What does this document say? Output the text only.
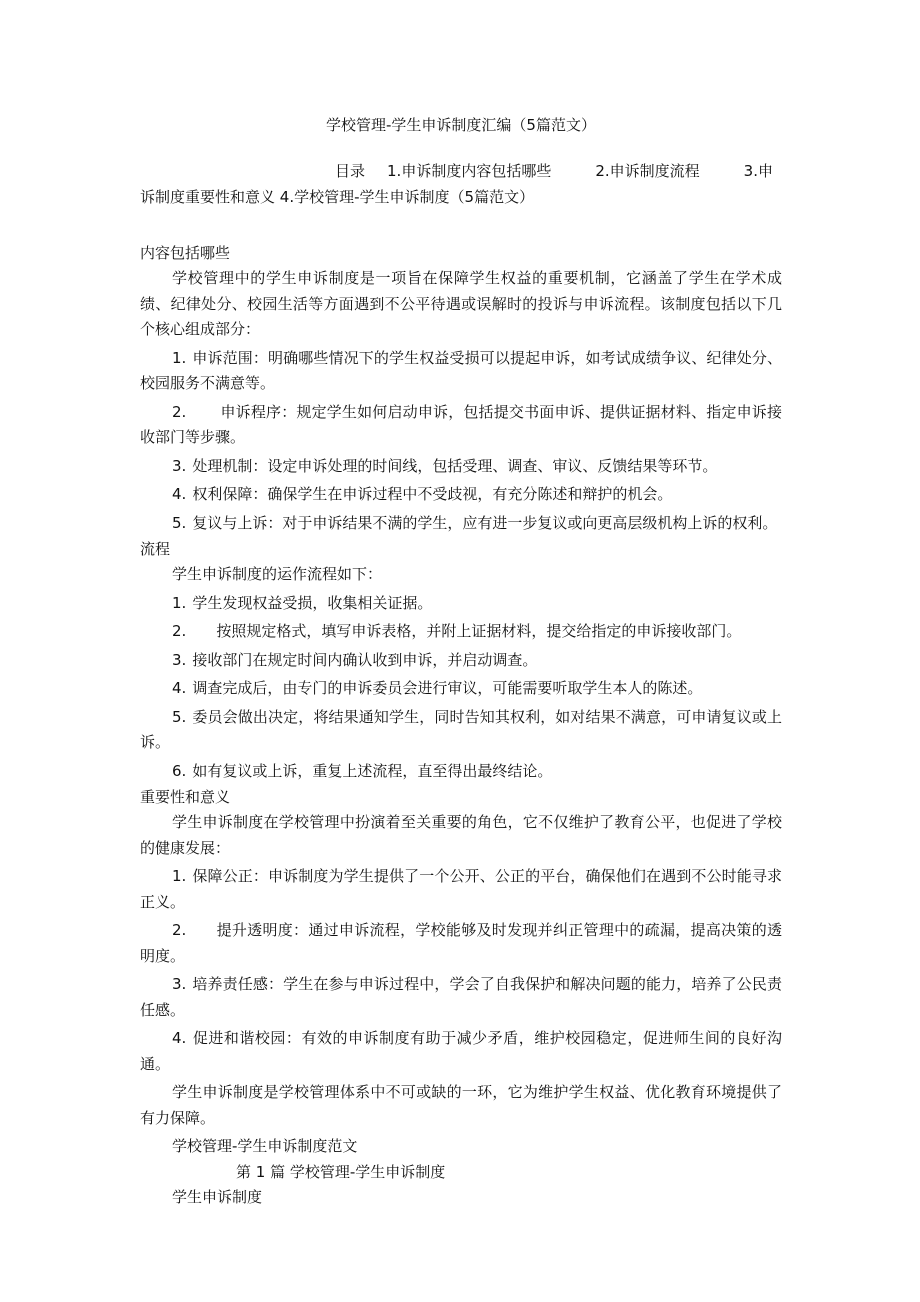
学校管理-学生申诉制度汇编（5篇范文）
目录 1.申诉制度内容包括哪些	2.申诉制度流程	3.申诉制度重要性和意义 4.学校管理-学生申诉制度（5篇范文）
内容包括哪些

学校管理中的学生申诉制度是一项旨在保障学生权益的重要机制，它涵盖了学生在学术成绩、纪律处分、校园生活等方面遇到不公平待遇或误解时的投诉与申诉流程。该制度包括以下几个核心组成部分：

1. 申诉范围：明确哪些情况下的学生权益受损可以提起申诉，如考试成绩争议、纪律处分、校园服务不满意等。
2. 申诉程序：规定学生如何启动申诉，包括提交书面申诉、提供证据材料、指定申诉接收部门等步骤。
3. 处理机制：设定申诉处理的时间线，包括受理、调查、审议、反馈结果等环节。
4. 权利保障：确保学生在申诉过程中不受歧视，有充分陈述和辩护的机会。
5. 复议与上诉：对于申诉结果不满的学生，应有进一步复议或向更高层级机构上诉的权利。
流程

学生申诉制度的运作流程如下：

1. 学生发现权益受损，收集相关证据。
2. 按照规定格式，填写申诉表格，并附上证据材料，提交给指定的申诉接收部门。
3. 接收部门在规定时间内确认收到申诉，并启动调查。
4. 调查完成后，由专门的申诉委员会进行审议，可能需要听取学生本人的陈述。
5. 委员会做出决定，将结果通知学生，同时告知其权利，如对结果不满意，可申请复议或上诉。
6. 如有复议或上诉，重复上述流程，直至得出最终结论。
重要性和意义

学生申诉制度在学校管理中扮演着至关重要的角色，它不仅维护了教育公平，也促进了学校的健康发展：

1. 保障公正：申诉制度为学生提供了一个公开、公正的平台，确保他们在遇到不公时能寻求正义。
2. 提升透明度：通过申诉流程，学校能够及时发现并纠正管理中的疏漏，提高决策的透明度。
3. 培养责任感：学生在参与申诉过程中，学会了自我保护和解决问题的能力，培养了公民责任感。
4. 促进和谐校园：有效的申诉制度有助于减少矛盾，维护校园稳定，促进师生间的良好沟通。

学生申诉制度是学校管理体系中不可或缺的一环，它为维护学生权益、优化教育环境提供了有力保障。

学校管理-学生申诉制度范文

第 1 篇 学校管理-学生申诉制度

学生申诉制度
